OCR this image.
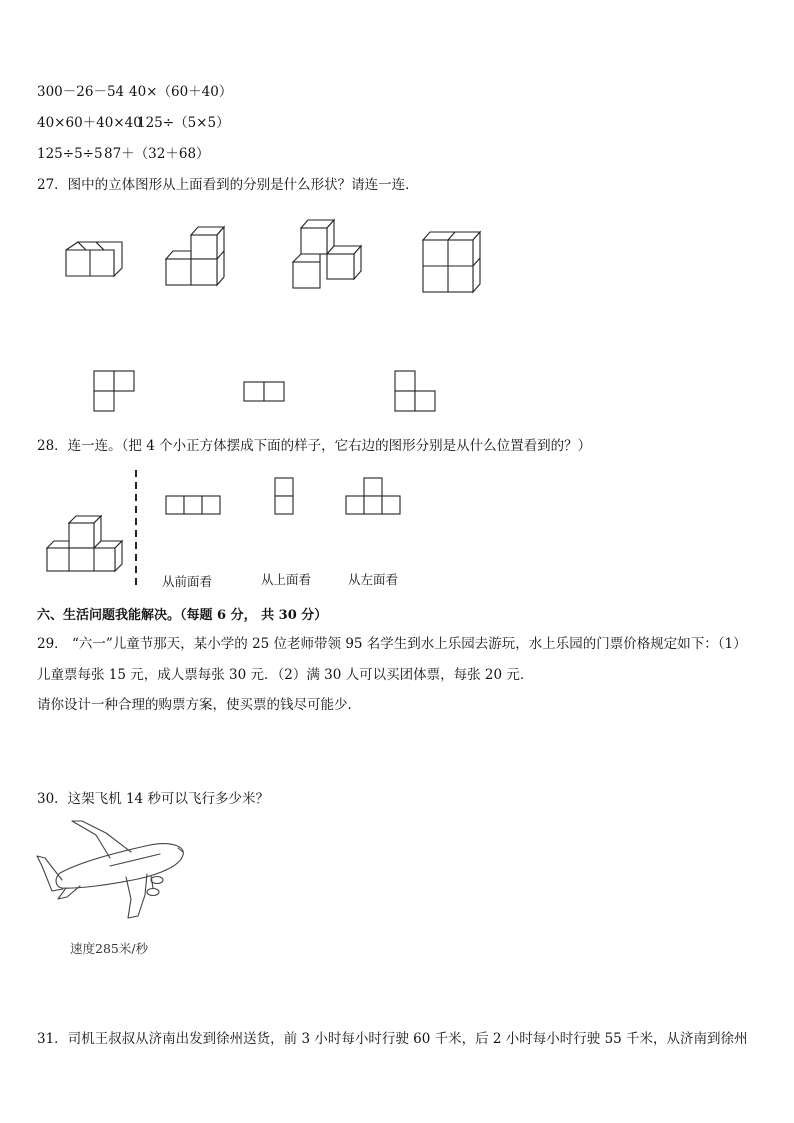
300－26－54 40×（60＋40）
40×60＋40×40
125÷（5×5）
125÷5÷5 87＋（32＋68）
27．图中的立体图形从上面看到的分别是什么形状？请连一连．
28．连一连。（把 4 个小正方体摆成下面的样子，它右边的图形分别是从什么位置看到的？）
从前面看	从上面看	从左面看
六、生活问题我能解决。（每题 6 分， 共 30 分）
29． “六一”儿童节那天，某小学的 25 位老师带领 95 名学生到水上乐园去游玩，水上乐园的门票价格规定如下：（1）
儿童票每张 15 元，成人票每张 30 元．（2）满 30 人可以买团体票，每张 20 元．
请你设计一种合理的购票方案，使买票的钱尽可能少．
30．这架飞机 14 秒可以飞行多少米？
速度285米/秒
31．司机王叔叔从济南出发到徐州送货，前 3 小时每小时行驶 60 千米，后 2 小时每小时行驶 55 千米，从济南到徐州
